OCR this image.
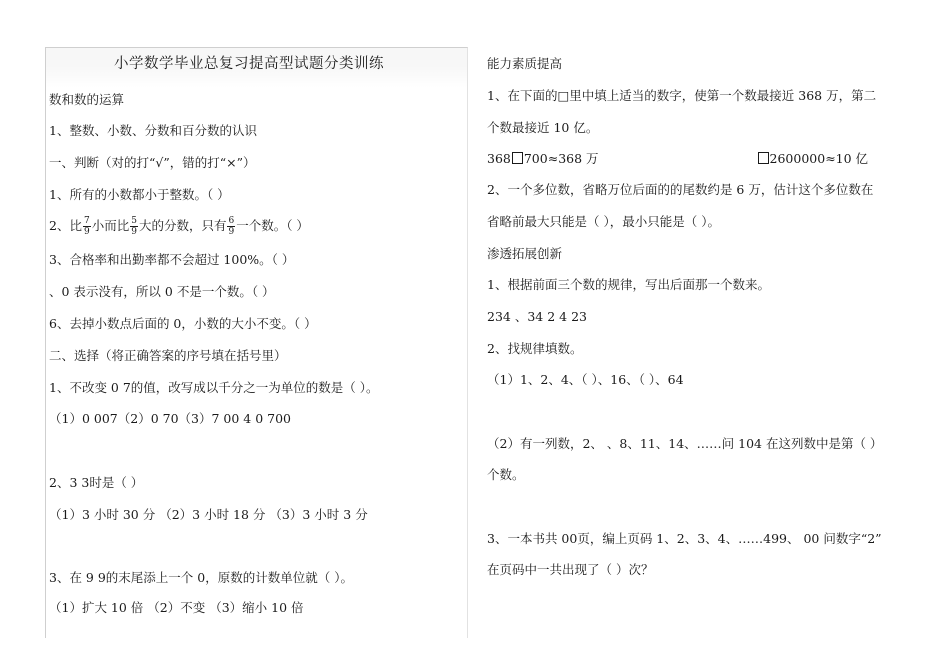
小学数学毕业总复习提高型试题分类训练
数和数的运算
1、整数、小数、分数和百分数的认识
一、判断（对的打“√”，错的打“×”）
1、所有的小数都小于整数。（ ）
2、比 $\frac{7}{9}$ 小而比 $\frac{5}{9}$ 大的分数，只有 $\frac{6}{9}$ 一个数。（ ）
3、合格率和出勤率都不会超过 100%。（ ）
、0 表示没有，所以 0 不是一个数。（ ）
6、去掉小数点后面的 0，小数的大小不变。（ ）
二、选择（将正确答案的序号填在括号里）
1、不改变 0 7的值，改写成以千分之一为单位的数是（ ）。
（1）0 007（2）0 70（3）7 00 4 0 700
2、3 3时是（ ）
（1）3 小时 30 分 （2）3 小时 18 分 （3）3 小时 3 分
3、在 9 9的末尾添上一个 0，原数的计数单位就（ ）。
（1）扩大 10 倍 （2）不变 （3）缩小 10 倍
能力素质提高
1、在下面的□里中填上适当的数字，使第一个数最接近 368 万，第二
个数最接近 10 亿。
368 700≈368 万	2600000≈10 亿
2、一个多位数，省略万位后面的的尾数约是 6 万，估计这个多位数在
省略前最大只能是（ ），最小只能是（ ）。
渗透拓展创新
1、根据前面三个数的规律，写出后面那一个数来。
234 、34 2 4 23
2、找规律填数。
（1）1、2、4、（ ）、16、（ ）、64
（2）有一列数，2、 、8、11、14、……问 104 在这列数中是第（ ）
个数。
3、一本书共 00页，编上页码 1、2、3、4、……499、 00 问数字“2”
在页码中一共出现了（ ）次？
